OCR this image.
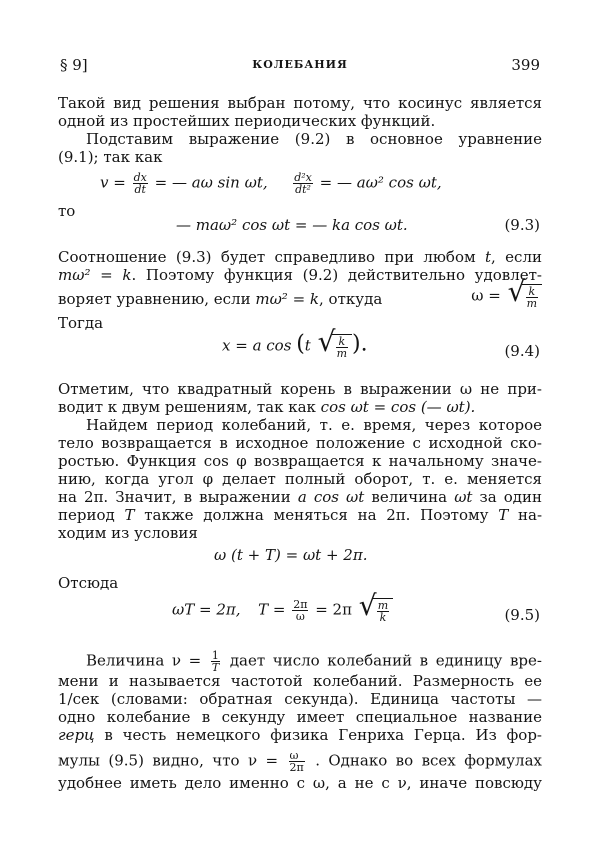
§ 9]	КОЛЕБАНИЯ	399
Такой вид решения выбран потому, что косинус является
одной из простейших периодических функций.
Подставим выражение (9.2) в основное уравнение
(9.1); так как
$v = \frac{dx}{dt}$ = — aω sin ωt, $\frac{\text{d²x}}{\text{dt²}}$ = — aω² cos ωt,
то
— maω² cos ωt = — ka cos ωt.	(9.3)
Соотношение (9.3) будет справедливо при любом t, если
mω² = k. Поэтому функция (9.2) действительно удовлет-
воряет уравнению, если mω² = k, откуда	ω = √ $\frac{k}{m}$
Тогда
x = a cos (t √ $\frac{k}{m}$ ).	(9.4)
Отметим, что квадратный корень в выражении ω не при-
водит к двум решениям, так как cos ωt = cos (— ωt).
Найдем период колебаний, т. е. время, через которое
тело возвращается в исходное положение с исходной ско-
ростью. Функция cos φ возвращается к начальному значе-
нию, когда угол φ делает полный оборот, т. е. меняется
на 2π. Значит, в выражении a cos ωt величина ωt за один
период T также должна меняться на 2π. Поэтому T на-
ходим из условия
ω (t + T) = ωt + 2π.
Отсюда
ωT = 2π, $T = \frac{2\pi}{\omega} = 2\pi$ √ $\frac{m}{k}$	(9.5)
Величина $\nu = \frac{1}{T}$ дает число колебаний в единицу вре-
мени и называется частотой колебаний. Размерность ее
1/сек (словами: обратная секунда). Единица частоты —
одно колебание в секунду имеет специальное название
герц в честь немецкого физика Генриха Герца. Из фор-
мулы (9.5) видно, что $\nu = \frac{\omega}{2\pi}$ . Однако во всех формулах
удобнее иметь дело именно с ω, а не с ν, иначе повсюду
